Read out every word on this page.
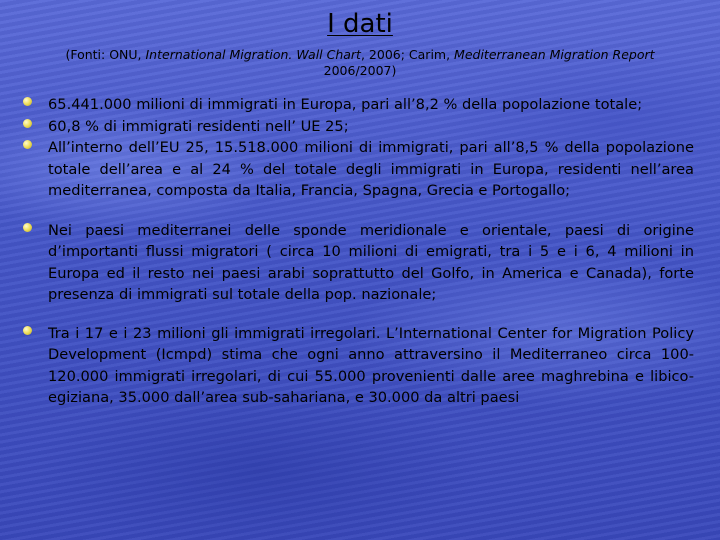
I dati
(Fonti: ONU, International Migration. Wall Chart, 2006; Carim, Mediterranean Migration Report 2006/2007)
65.441.000 milioni di immigrati in Europa, pari all’8,2 % della popolazione totale;
60,8 % di immigrati residenti nell’ UE 25;
All’interno dell’EU 25, 15.518.000 milioni di immigrati, pari all’8,5 % della popolazione totale dell’area e al 24 % del totale degli immigrati in Europa, residenti nell’area mediterranea, composta da Italia, Francia, Spagna, Grecia e Portogallo;
Nei paesi mediterranei delle sponde meridionale e orientale, paesi di origine d’importanti flussi migratori ( circa 10 milioni di emigrati, tra i 5 e i 6, 4 milioni in Europa ed il resto nei paesi arabi soprattutto del Golfo, in America e Canada), forte presenza di immigrati sul totale della pop. nazionale;
Tra i 17 e i 23 milioni gli immigrati irregolari. L’International Center for Migration Policy Development (Icmpd) stima che ogni anno attraversino il Mediterraneo circa 100-120.000 immigrati irregolari, di cui 55.000 provenienti dalle aree maghrebina e libico-egiziana, 35.000 dall’area sub-sahariana, e 30.000 da altri paesi
